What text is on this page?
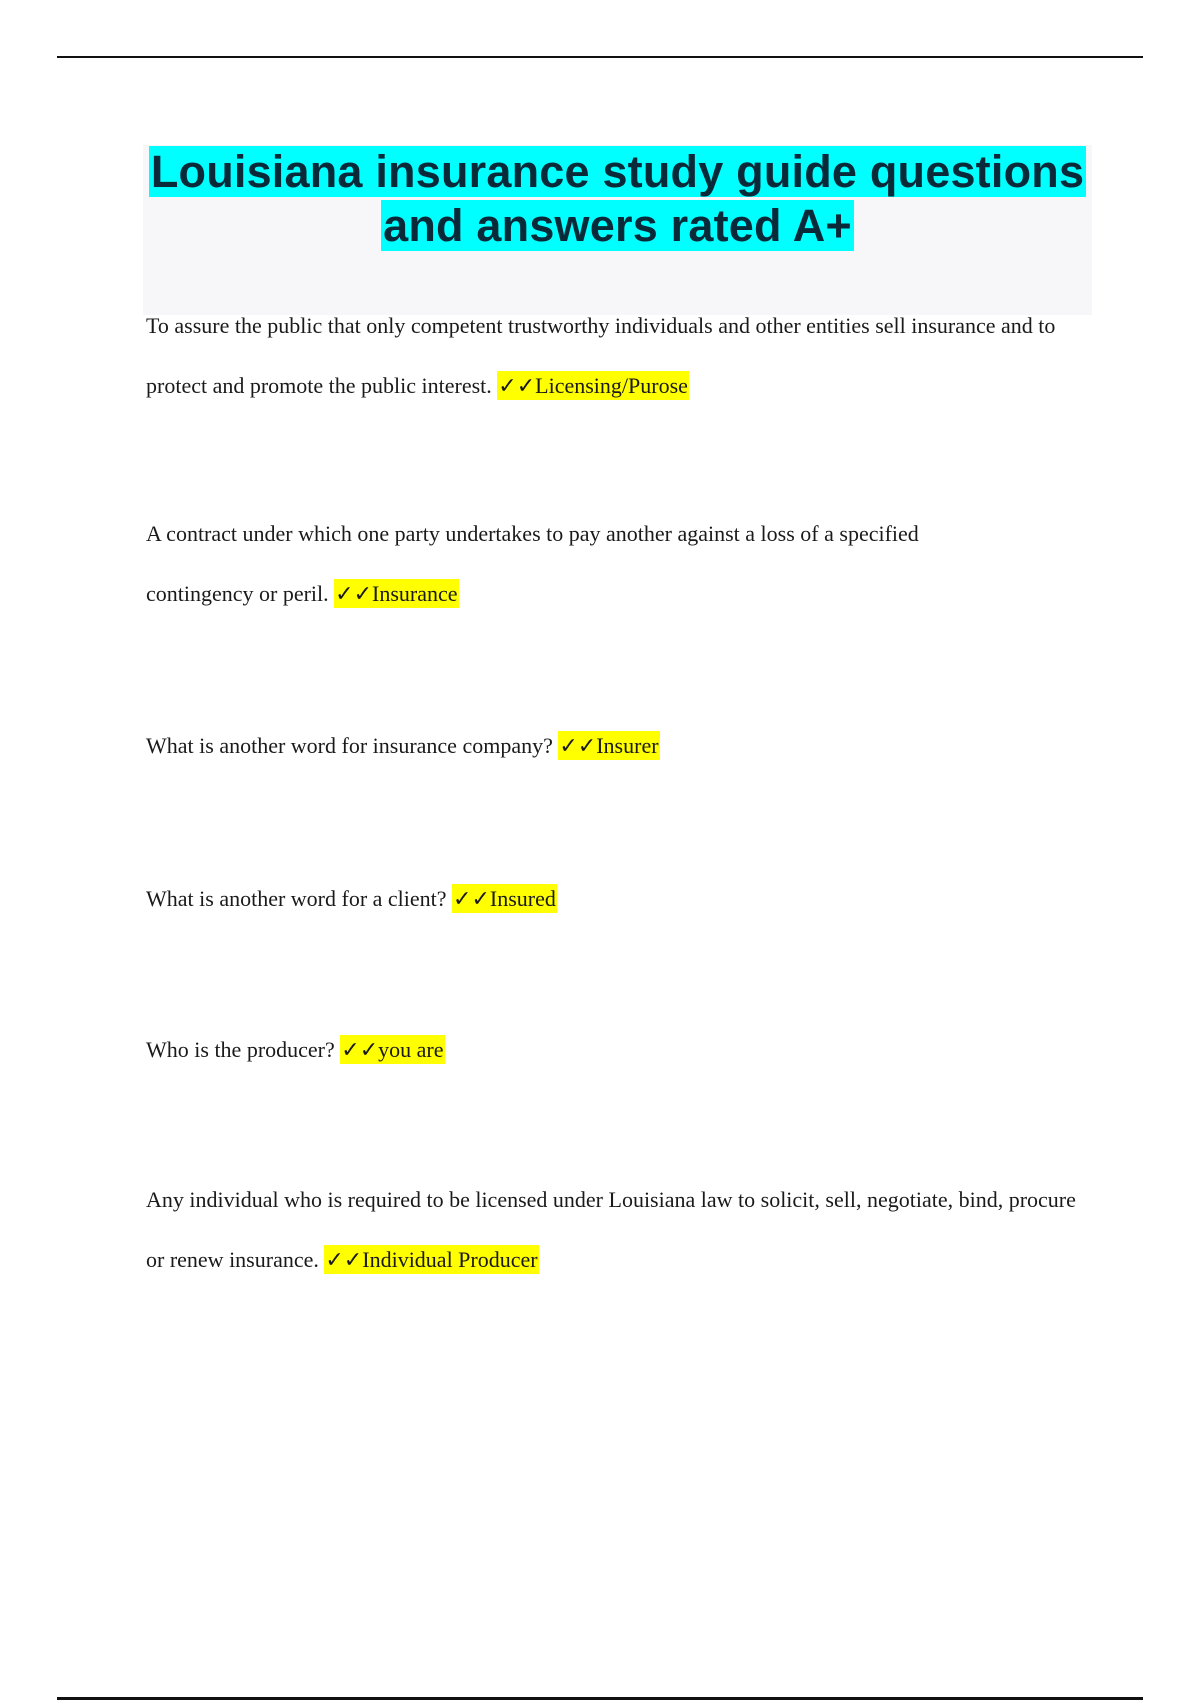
Louisiana insurance study guide questions and answers rated A+

To assure the public that only competent trustworthy individuals and other entities sell insurance and to protect and promote the public interest. ✓✓Licensing/Purose

A contract under which one party undertakes to pay another against a loss of a specified contingency or peril. ✓✓Insurance

What is another word for insurance company? ✓✓Insurer

What is another word for a client? ✓✓Insured

Who is the producer? ✓✓you are

Any individual who is required to be licensed under Louisiana law to solicit, sell, negotiate, bind, procure or renew insurance. ✓✓Individual Producer
